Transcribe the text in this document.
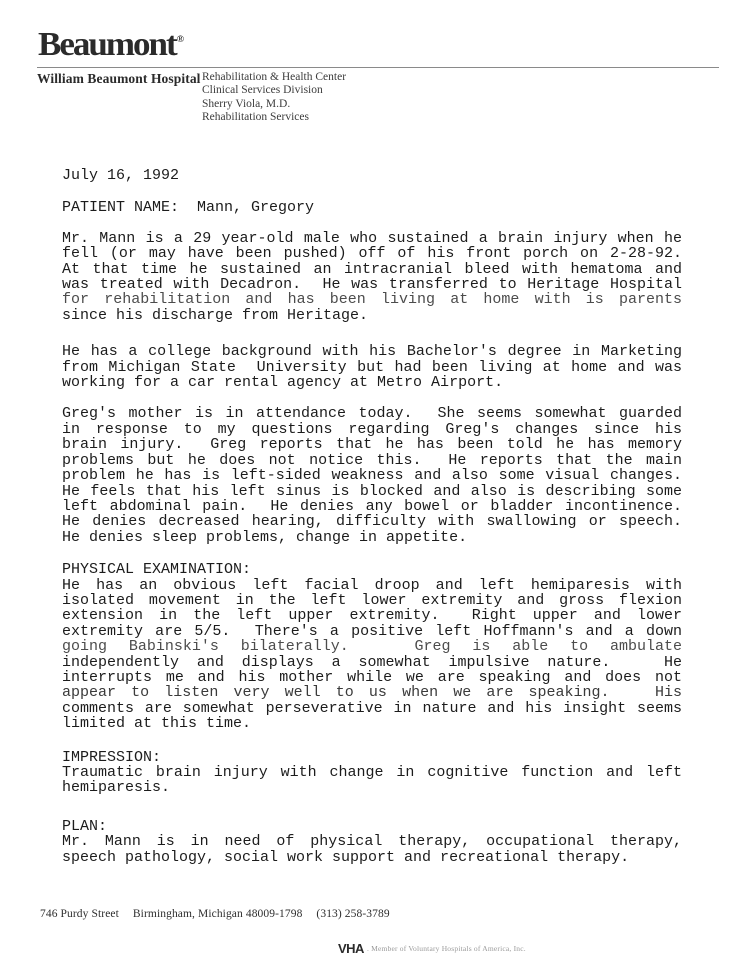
Beaumont®
William Beaumont Hospital Rehabilitation & Health Center
Clinical Services Division
Sherry Viola, M.D.
Rehabilitation Services
July 16, 1992
PATIENT NAME: Mann, Gregory
Mr. Mann is a 29 year-old male who sustained a brain injury when he
fell (or may have been pushed) off of his front porch on 2-28-92.
At that time he sustained an intracranial bleed with hematoma and
was treated with Decadron.  He was transferred to Heritage Hospital
for rehabilitation and has been living at home with is parents
since his discharge from Heritage.
He has a college background with his Bachelor's degree in Marketing
from Michigan State  University but had been living at home and was
working for a car rental agency at Metro Airport.
Greg's mother is in attendance today.  She seems somewhat guarded
in response to my questions regarding Greg's changes since his
brain injury.  Greg reports that he has been told he has memory
problems but he does not notice this.  He reports that the main
problem he has is left-sided weakness and also some visual changes.
He feels that his left sinus is blocked and also is describing some
left abdominal pain.  He denies any bowel or bladder incontinence.
He denies decreased hearing, difficulty with swallowing or speech.
He denies sleep problems, change in appetite.
PHYSICAL EXAMINATION:
He has an obvious left facial droop and left hemiparesis with
isolated movement in the left lower extremity and gross flexion
extension in the left upper extremity.  Right upper and lower
extremity are 5/5.  There's a positive left Hoffmann's and a down
going Babinski's bilaterally.   Greg is able to ambulate
independently and displays a somewhat impulsive nature.   He
interrupts me and his mother while we are speaking and does not
appear to listen very well to us when we are speaking.   His
comments are somewhat perseverative in nature and his insight seems
limited at this time.
IMPRESSION:
Traumatic brain injury with change in cognitive function and left
hemiparesis.
PLAN:
Mr. Mann is in need of physical therapy, occupational therapy,
speech pathology, social work support and recreational therapy.
746 Purdy Street Birmingham, Michigan 48009-1798 (313) 258-3789
VHA . Member of Voluntary Hospitals of America, Inc.
